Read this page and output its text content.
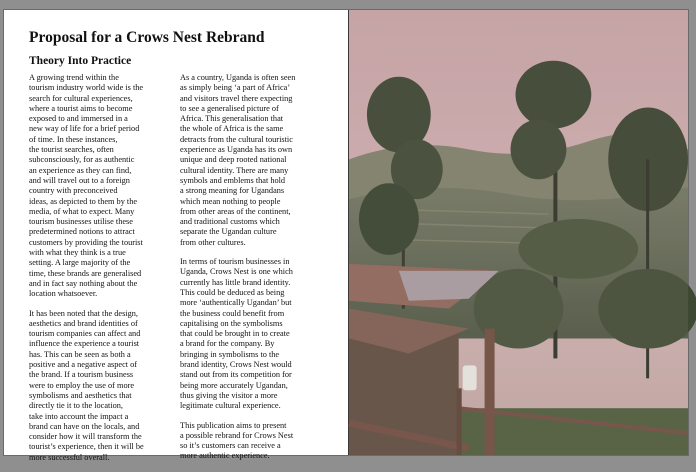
Proposal for a Crows Nest Rebrand
Theory Into Practice

A growing trend within the
tourism industry world wide is the
search for cultural experiences,
where a tourist aims to become
exposed to and immersed in a
new way of life for a brief period
of time. In these instances,
the tourist searches, often
subconsciously, for as authentic
an experience as they can find,
and will travel out to a foreign
country with preconceived
ideas, as depicted to them by the
media, of what to expect. Many
tourism businesses utilise these
predetermined notions to attract
customers by providing the tourist
with what they think is a true
setting. A large majority of the
time, these brands are generalised
and in fact say nothing about the
location whatsoever.

It has been noted that the design,
aesthetics and brand identities of
tourism companies can affect and
influence the experience a tourist
has. This can be seen as both a
positive and a negative aspect of
the brand. If a tourism business
were to employ the use of more
symbolisms and aesthetics that
directly tie it to the location,
take into account the impact a
brand can have on the locals, and
consider how it will transform the
tourist’s experience, then it will be
more successful overall.

As a country, Uganda is often seen
as simply being ‘a part of Africa’
and visitors travel there expecting
to see a generalised picture of
Africa. This generalisation that
the whole of Africa is the same
detracts from the cultural touristic
experience as Uganda has its own
unique and deep rooted national
cultural identity. There are many
symbols and emblems that hold
a strong meaning for Ugandans
which mean nothing to people
from other areas of the continent,
and traditional customs which
separate the Ugandan culture
from other cultures.

In terms of tourism businesses in
Uganda, Crows Nest is one which
currently has little brand identity.
This could be deduced as being
more ‘authentically Ugandan’ but
the business could benefit from
capitalising on the symbolisms
that could be brought in to create
a brand for the company. By
bringing in symbolisms to the
brand identity, Crows Nest would
stand out from its competition for
being more accurately Ugandan,
thus giving the visitor a more
legitimate cultural experience.

This publication aims to present
a possible rebrand for Crows Nest
so it’s customers can receive a
more authentic experience.
